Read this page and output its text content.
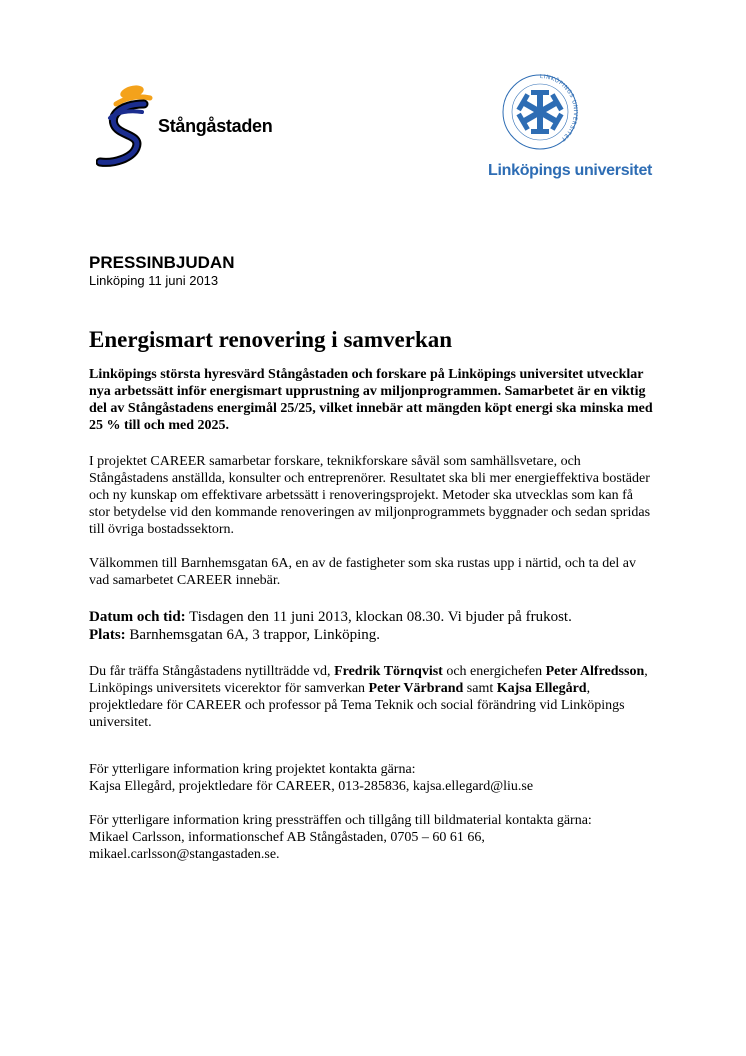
Stångåstaden
LINKÖPINGS UNIVERSITET
Linköpings universitet
PRESSINBJUDAN
Linköping 11 juni 2013
Energismart renovering i samverkan

Linköpings största hyresvärd Stångåstaden och forskare på Linköpings universitet utvecklar nya arbetssätt inför energismart upprustning av miljonprogrammen. Samarbetet är en viktig del av Stångåstadens energimål 25/25, vilket innebär att mängden köpt energi ska minska med 25 % till och med 2025.

I projektet CAREER samarbetar forskare, teknikforskare såväl som samhällsvetare, och Stångåstadens anställda, konsulter och entreprenörer. Resultatet ska bli mer energieffektiva bostäder och ny kunskap om effektivare arbetssätt i renoveringsprojekt. Metoder ska utvecklas som kan få stor betydelse vid den kommande renoveringen av miljonprogrammets byggnader och sedan spridas till övriga bostadssektorn.

Välkommen till Barnhemsgatan 6A, en av de fastigheter som ska rustas upp i närtid, och ta del av vad samarbetet CAREER innebär.

Datum och tid: Tisdagen den 11 juni 2013, klockan 08.30. Vi bjuder på frukost.

Plats: Barnhemsgatan 6A, 3 trappor, Linköping.

Du får träffa Stångåstadens nytillträdde vd, Fredrik Törnqvist och energichefen Peter Alfredsson, Linköpings universitets vicerektor för samverkan Peter Värbrand samt Kajsa Ellegård, projektledare för CAREER och professor på Tema Teknik och social förändring vid Linköpings universitet.

För ytterligare information kring projektet kontakta gärna:

Kajsa Ellegård, projektledare för CAREER, 013-285836, kajsa.ellegard@liu.se

För ytterligare information kring pressträffen och tillgång till bildmaterial kontakta gärna:

Mikael Carlsson, informationschef AB Stångåstaden, 0705 – 60 61 66, mikael.carlsson@stangastaden.se.
